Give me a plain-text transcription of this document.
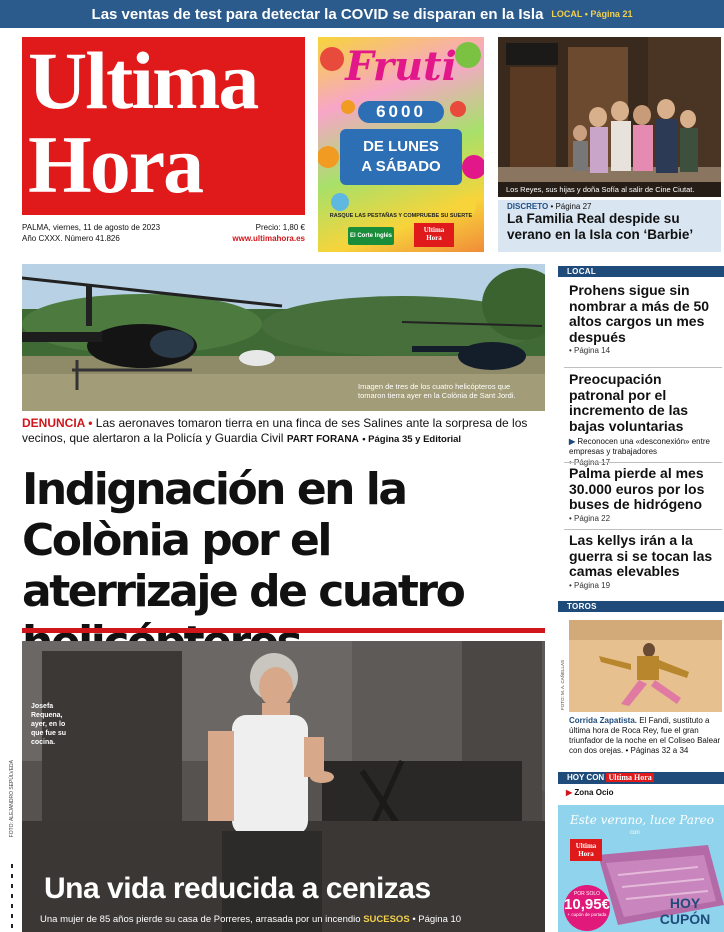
Las ventas de test para detectar la COVID se disparan en la Isla LOCAL • Página 21
Ultima
Hora
PALMA, viernes, 11 de agosto de 2023
Año CXXX. Número 41.826
Precio: 1,80 €
www.ultimahora.es
Fruti
6000
DE LUNES
A SÁBADO
RASQUE LAS PESTAÑAS Y COMPRUEBE SU SUERTE
El Corte Inglés
Ultima
Hora
Los Reyes, sus hijas y doña Sofía al salir de Cine Ciutat.
DISCRETO • Página 27
La Familia Real despide su verano en la Isla con ‘Barbie’
Imagen de tres de los cuatro helicópteros que tomaron tierra ayer en la Colònia de Sant Jordi.
DENUNCIA • Las aeronaves tomaron tierra en una finca de ses Salines ante la sorpresa de los vecinos, que alertaron a la Policía y Guardia Civil PART FORANA • Página 35 y Editorial
Indignación en la Colònia por el aterrizaje de cuatro
Josefa Requena, ayer, en lo que fue su cocina.
FOTO: ALEJANDRO SEPÚLVEDA
Una vida reducida a cenizas
Una mujer de 85 años pierde su casa de Porreres, arrasada por un incendio SUCESOS • Página 10
LOCAL
Prohens sigue sin nombrar a más de 50 altos cargos un mes después
• Página 14
Preocupación patronal por el incremento de las bajas voluntarias
▶ Reconocen una «desconexión» entre empresas y trabajadores
Palma pierde al mes 30.000 euros por los buses de hidrógeno
• Página 22
Las kellys irán a la guerra si se tocan las camas elevables
• Página 19
TOROS
FOTO: M. A. CAÑELLAS
Corrida Zapatista. El Fandi, sustituto a última hora de Roca Rey, fue el gran triunfador de la noche en el Coliseo Balear con dos orejas. • Páginas 32 a 34
HOY CON Ultima Hora
▶ Zona Ocio
Este verano, luce Pareo
con
Ultima
Hora
POR SOLO
10,95€
+ cupón de portada
HOY
CUPÓN
